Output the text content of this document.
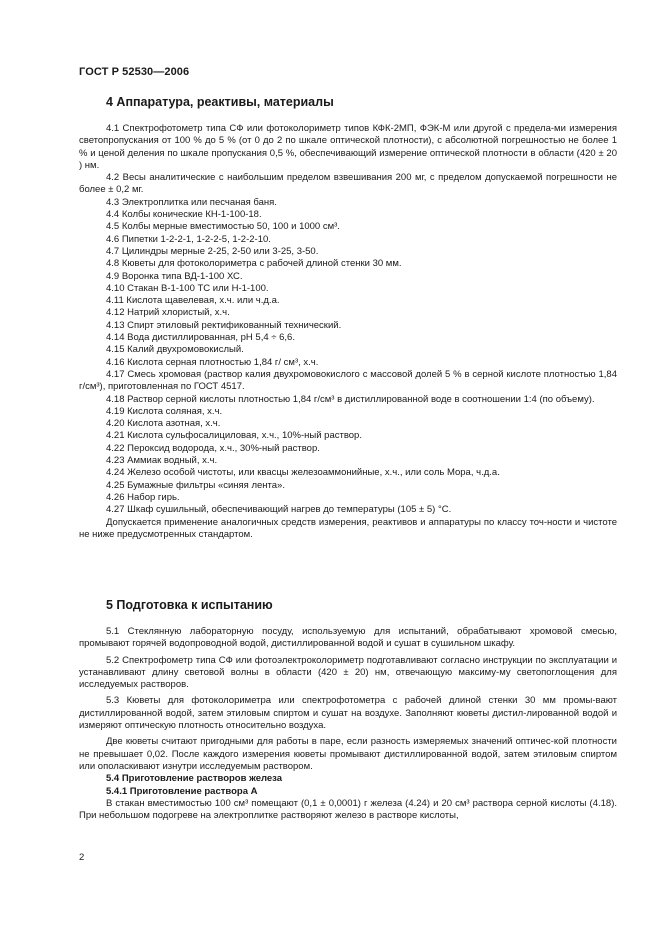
ГОСТ Р 52530—2006
4 Аппаратура, реактивы, материалы

4.1 Спектрофотометр типа СФ или фотоколориметр типов КФК-2МП, ФЭК-М или другой с предела-ми измерения светопропускания от 100 % до 5 % (от 0 до 2 по шкале оптической плотности), с абсолютной погрешностью не более 1 % и ценой деления по шкале пропускания 0,5 %, обеспечивающий измерение оптической плотности в области (420 ± 20 ) нм.

4.2 Весы аналитические с наибольшим пределом взвешивания 200 мг, с пределом допускаемой погрешности не более ± 0,2 мг.

4.3 Электроплитка или песчаная баня.

4.4 Колбы конические КН-1-100-18.

4.5 Колбы мерные вместимостью 50, 100 и 1000 см³.

4.6 Пипетки 1-2-2-1, 1-2-2-5, 1-2-2-10.

4.7 Цилиндры мерные 2-25, 2-50 или 3-25, 3-50.

4.8 Кюветы для фотоколориметра с рабочей длиной стенки 30 мм.

4.9 Воронка типа ВД-1-100 ХС.

4.10 Стакан В-1-100 ТС или Н-1-100.

4.11 Кислота щавелевая, х.ч. или ч.д.а.

4.12 Натрий хлористый, х.ч.

4.13 Спирт этиловый ректификованный технический.

4.14 Вода дистиллированная, pH 5,4 ÷ 6,6.

4.15 Калий двухромовокислый.

4.16 Кислота серная плотностью 1,84 г/ см³, х.ч.

4.17 Смесь хромовая (раствор калия двухромовокислого с массовой долей 5 % в серной кислоте плотностью 1,84 г/см³), приготовленная по ГОСТ 4517.

4.18 Раствор серной кислоты плотностью 1,84 г/см³ в дистиллированной воде в соотношении 1:4 (по объему).

4.19 Кислота соляная, х.ч.

4.20 Кислота азотная, х.ч.

4.21 Кислота сульфосалициловая, х.ч., 10%-ный раствор.

4.22 Пероксид водорода, х.ч., 30%-ный раствор.

4.23 Аммиак водный, х.ч.

4.24 Железо особой чистоты, или квасцы железоаммонийные, х.ч., или соль Мора, ч.д.а.

4.25 Бумажные фильтры «синяя лента».

4.26 Набор гирь.

4.27 Шкаф сушильный, обеспечивающий нагрев до температуры (105 ± 5) °С.

Допускается применение аналогичных средств измерения, реактивов и аппаратуры по классу точ-ности и чистоте не ниже предусмотренных стандартом.

5 Подготовка к испытанию

5.1 Стеклянную лабораторную посуду, используемую для испытаний, обрабатывают хромовой смесью, промывают горячей водопроводной водой, дистиллированной водой и сушат в сушильном шкафу.

5.2 Спектрофометр типа СФ или фотоэлектроколориметр подготавливают согласно инструкции по эксплуатации и устанавливают длину световой волны в области (420 ± 20) нм, отвечающую максиму-му светопоглощения для исследуемых растворов.

5.3 Кюветы для фотоколориметра или спектрофотометра с рабочей длиной стенки 30 мм промы-вают дистиллированной водой, затем этиловым спиртом и сушат на воздухе. Заполняют кюветы дистил-лированной водой и измеряют оптическую плотность относительно воздуха.

Две кюветы считают пригодными для работы в паре, если разность измеряемых значений оптичес-кой плотности не превышает 0,02. После каждого измерения кюветы промывают дистиллированной водой, затем этиловым спиртом или ополаскивают изнутри исследуемым раствором.

5.4 Приготовление растворов железа

5.4.1 Приготовление раствора А

В стакан вместимостью 100 см³ помещают (0,1 ± 0,0001) г железа (4.24) и 20 см³ раствора серной кислоты (4.18). При небольшом подогреве на электроплитке растворяют железо в растворе кислоты,

2
